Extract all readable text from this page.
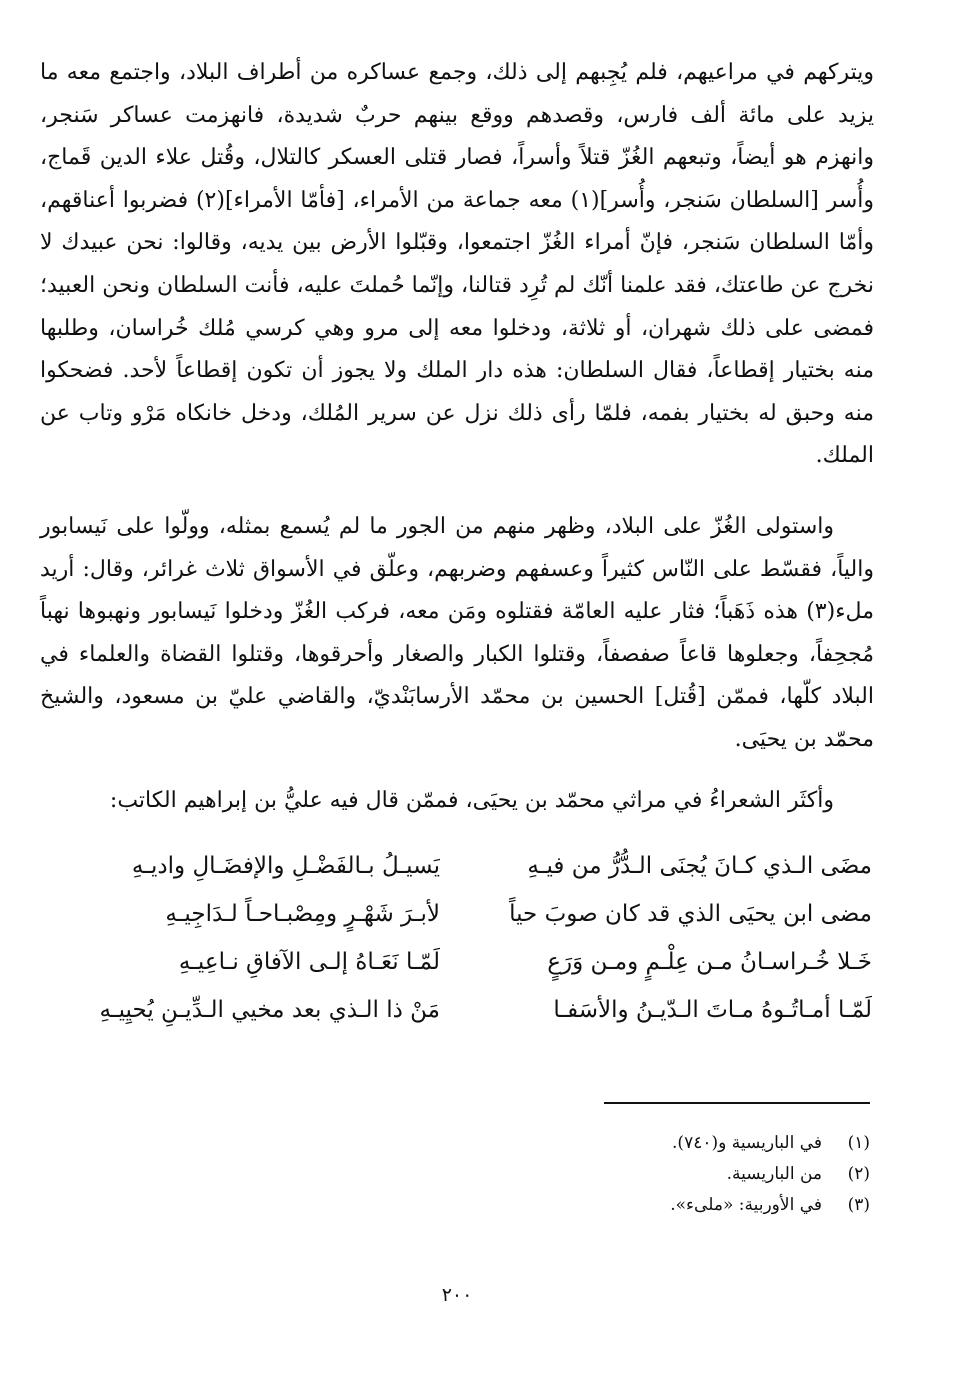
ويتركهم في مراعيهم، فلم يُجِبهم إلى ذلك، وجمع عساكره من أطراف البلاد، واجتمع معه ما يزيد على مائة ألف فارس، وقصدهم ووقع بينهم حربٌ شديدة، فانهزمت عساكر سَنجر، وانهزم هو أيضاً، وتبعهم الغُزّ قتلاً وأسراً، فصار قتلى العسكر كالتلال، وقُتل علاء الدين قَماج، وأُسر [السلطان سَنجر، وأُسر](١) معه جماعة من الأمراء، [فأمّا الأمراء](٢) فضربوا أعناقهم، وأمّا السلطان سَنجر، فإنّ أمراء الغُزّ اجتمعوا، وقبّلوا الأرض بين يديه، وقالوا: نحن عبيدك لا نخرج عن طاعتك، فقد علمنا أنّك لم تُرِد قتالنا، وإنّما حُملتَ عليه، فأنت السلطان ونحن العبيد؛ فمضى على ذلك شهران، أو ثلاثة، ودخلوا معه إلى مرو وهي كرسي مُلك خُراسان، وطلبها منه بختيار إقطاعاً، فقال السلطان: هذه دار الملك ولا يجوز أن تكون إقطاعاً لأحد. فضحكوا منه وحبق له بختيار بفمه، فلمّا رأى ذلك نزل عن سرير المُلك، ودخل خانكاه مَرْو وتاب عن الملك.

واستولى الغُزّ على البلاد، وظهر منهم من الجور ما لم يُسمع بمثله، وولّوا على نَيسابور والياً، فقسّط على النّاس كثيراً وعسفهم وضربهم، وعلّق في الأسواق ثلاث غرائر، وقال: أريد ملء(٣) هذه ذَهَباً؛ فثار عليه العامّة فقتلوه ومَن معه، فركب الغُزّ ودخلوا نَيسابور ونهبوها نهباً مُجحِفاً، وجعلوها قاعاً صفصفاً، وقتلوا الكبار والصغار وأحرقوها، وقتلوا القضاة والعلماء في البلاد كلّها، فممّن [قُتل] الحسين بن محمّد الأرسابَنْديّ، والقاضي عليّ بن مسعود، والشيخ محمّد بن يحيَى.

وأكثَر الشعراءُ في مراثي محمّد بن يحيَى، فممّن قال فيه عليُّ بن إبراهيم الكاتب:

مضَى الـذي كـانَ يُجنَى الـدُّرُّ من فيـهِ
يَسيـلُ بـالفَضْـلِ والإفضَـالِ واديـهِ
مضى ابن يحيَى الذي قد كان صوبَ حياً
لأبـرَ شَهْـرٍ ومِصْبـاحـاً لـدَاجِيـهِ
خَـلا خُـراسـانُ مـن عِلْـمٍ ومـن وَرَعٍ
لَمّـا نَعَـاهُ إلـى الآفاقِ نـاعِيـهِ
لَمّـا أمـاتُـوهُ مـاتَ الـدّيـنُ والأسَفـا
مَنْ ذا الـذي بعد مخيي الـدِّيـنِ يُحيِيـهِ
(١)
في الباريسية و(٧٤٠).
(٢)
من الباريسية.
(٣)
في الأوربية: «ملىء».
٢٠٠
